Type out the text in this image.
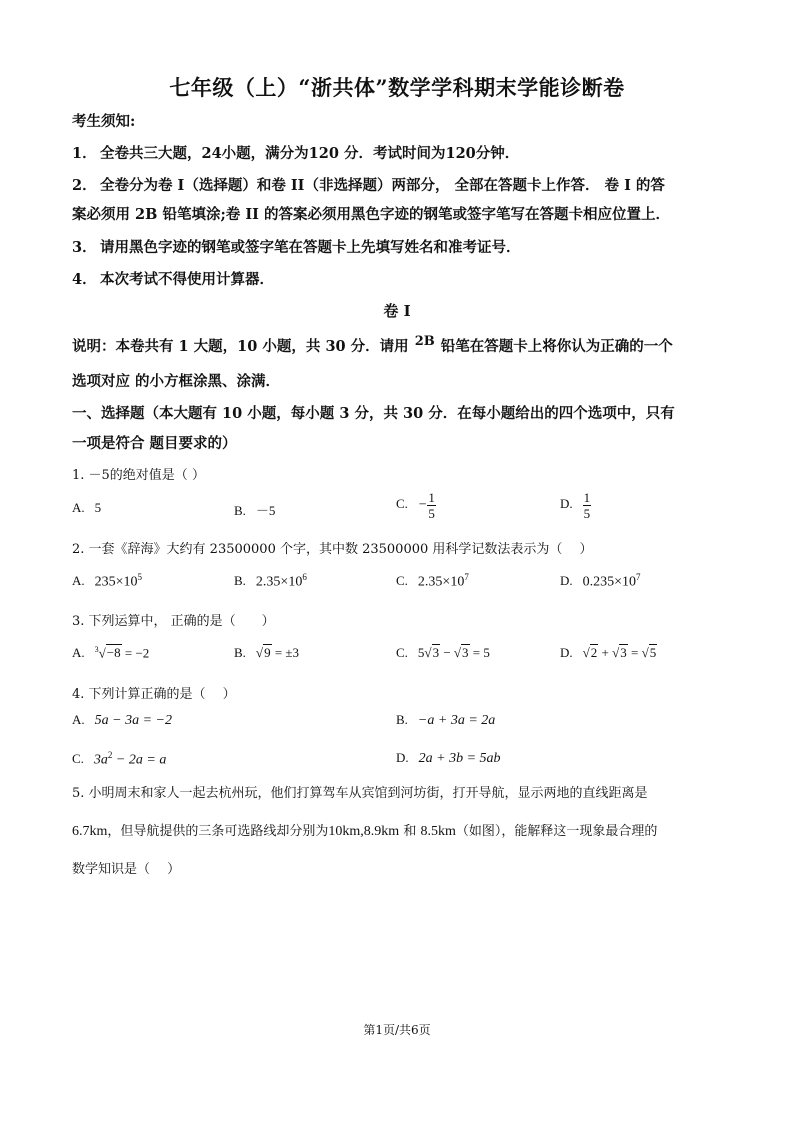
七年级（上）“浙共体”数学学科期末学能诊断卷
考生须知:
1． 全卷共三大题，24小题，满分为120 分．考试时间为120分钟．
2． 全卷分为卷 I（选择题）和卷 II（非选择题）两部分， 全部在答题卡上作答． 卷 I 的答
案必须用 2B 铅笔填涂;卷 II 的答案必须用黑色字迹的钢笔或签字笔写在答题卡相应位置上．
3． 请用黑色字迹的钢笔或签字笔在答题卡上先填写姓名和准考证号．
4． 本次考试不得使用计算器．
卷 I
说明：本卷共有 1 大题，10 小题，共 30 分．请用 2B 铅笔在答题卡上将你认为正确的一个
选项对应 的小方框涂黑、涂满．
一、选择题（本大题有 10 小题，每小题 3 分，共 30 分．在每小题给出的四个选项中，只有
一项是符合 题目要求的）
1. －5的绝对值是（ ）
A. 5	B. －5	C. − $\frac{1}{5}$	D. $\frac{1}{5}$
2. 一套《辞海》大约有 23500000 个字，其中数 23500000 用科学记数法表示为（　 ）
A. $235\times 10^5$	B. $2.35\times 10^6$	C. $2.35\times 10^7$	D. $0.235\times 10^7$
3. 下列运算中， 正确的是（　　）
A. $^3$√−8 = −2	B. √9 = ±3	C. 5√3 − √3 = 5	D. √2 + √3 = √5
4. 下列计算正确的是（　 ）
A. 5a − 3a = −2	B. −a + 3a = 2a
C. $3a^2 - 2a = a$	D. 2a + 3b = 5ab
5. 小明周末和家人一起去杭州玩，他们打算驾车从宾馆到河坊街，打开导航，显示两地的直线距离是
6.7km，但导航提供的三条可选路线却分别为10km,8.9km 和 8.5km（如图），能解释这一现象最合理的
数学知识是（　 ）
第1页/共6页
